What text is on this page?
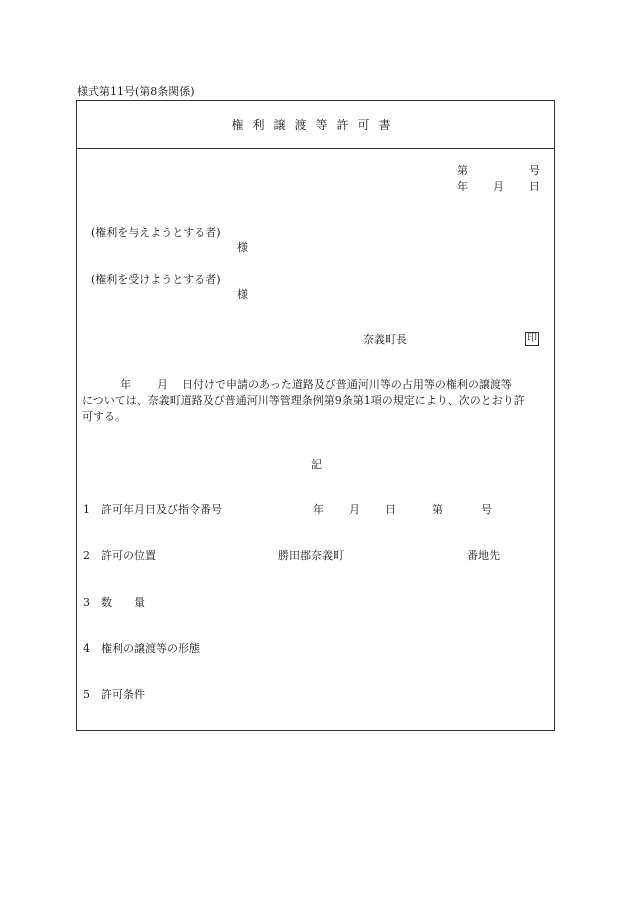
様式第11号(第8条関係)
権利譲渡等許可書
第	号
年 月 日
(権利を与えようとする者)
様
(権利を受けようとする者)
様
奈義町長	印
年 月 日付けで申請のあった道路及び普通河川等の占用等の権利の譲渡等
については、奈義町道路及び普通河川等管理条例第9条第1項の規定により、次のとおり許
可する。
記
1 許可年月日及び指令番号	年 月 日	第	号
2 許可の位置	勝田郡奈義町	番地先
3 数　　量
4 権利の譲渡等の形態
5 許可条件
